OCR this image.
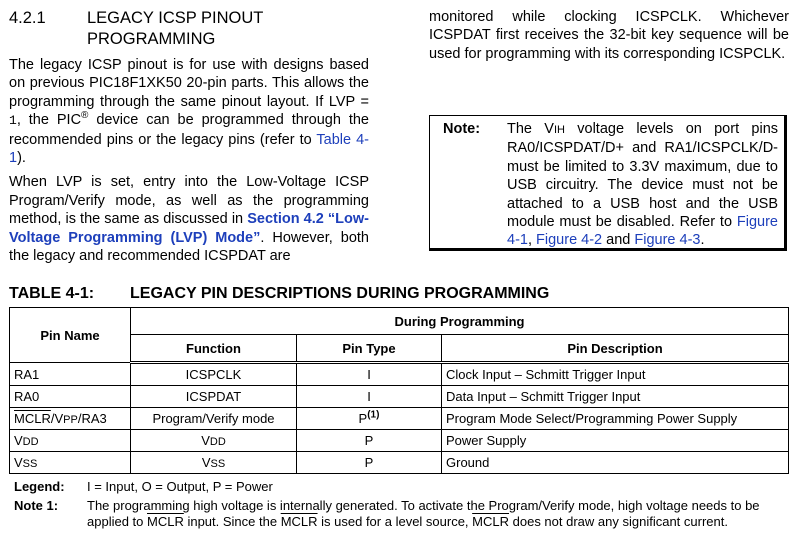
4.2.1	LEGACY ICSP PINOUT
PROGRAMMING

The legacy ICSP pinout is for use with designs based on previous PIC18F1XK50 20-pin parts. This allows the programming through the same pinout layout. If LVP = 1, the PIC® device can be programmed through the recommended pins or the legacy pins (refer to Table 4-1).

When LVP is set, entry into the Low-Voltage ICSP Program/Verify mode, as well as the programming method, is the same as discussed in Section 4.2 “Low-Voltage Programming (LVP) Mode”. However, both the legacy and recommended ICSPDAT are

monitored while clocking ICSPCLK. Whichever ICSPDAT first receives the 32-bit key sequence will be used for programming with its corresponding ICSPCLK.

Note:	The VIH voltage levels on port pins RA0/ICSPDAT/D+ and RA1/ICSPCLK/D- must be limited to 3.3V maximum, due to USB circuitry. The device must not be attached to a USB host and the USB module must be disabled. Refer to Figure 4-1, Figure 4-2 and Figure 4-3.
TABLE 4-1:	LEGACY PIN DESCRIPTIONS DURING PROGRAMMING
Pin Name	During Programming		
	Function	Pin Type	Pin Description
RA1	ICSPCLK	I	Clock Input – Schmitt Trigger Input
RA0	ICSPDAT	I	Data Input – Schmitt Trigger Input
MCLR/VPP/RA3	Program/Verify mode	$P^{(1)}$	Program Mode Select/Programming Power Supply
VDD	VDD	P	Power Supply
VSS	VSS	P	Ground
Legend:	I = Input, O = Output, P = Power
Note 1:	The programming high voltage is internally generated. To activate the Program/Verify mode, high voltage needs to be applied to MCLR input. Since the MCLR is used for a level source, MCLR does not draw any significant current.
